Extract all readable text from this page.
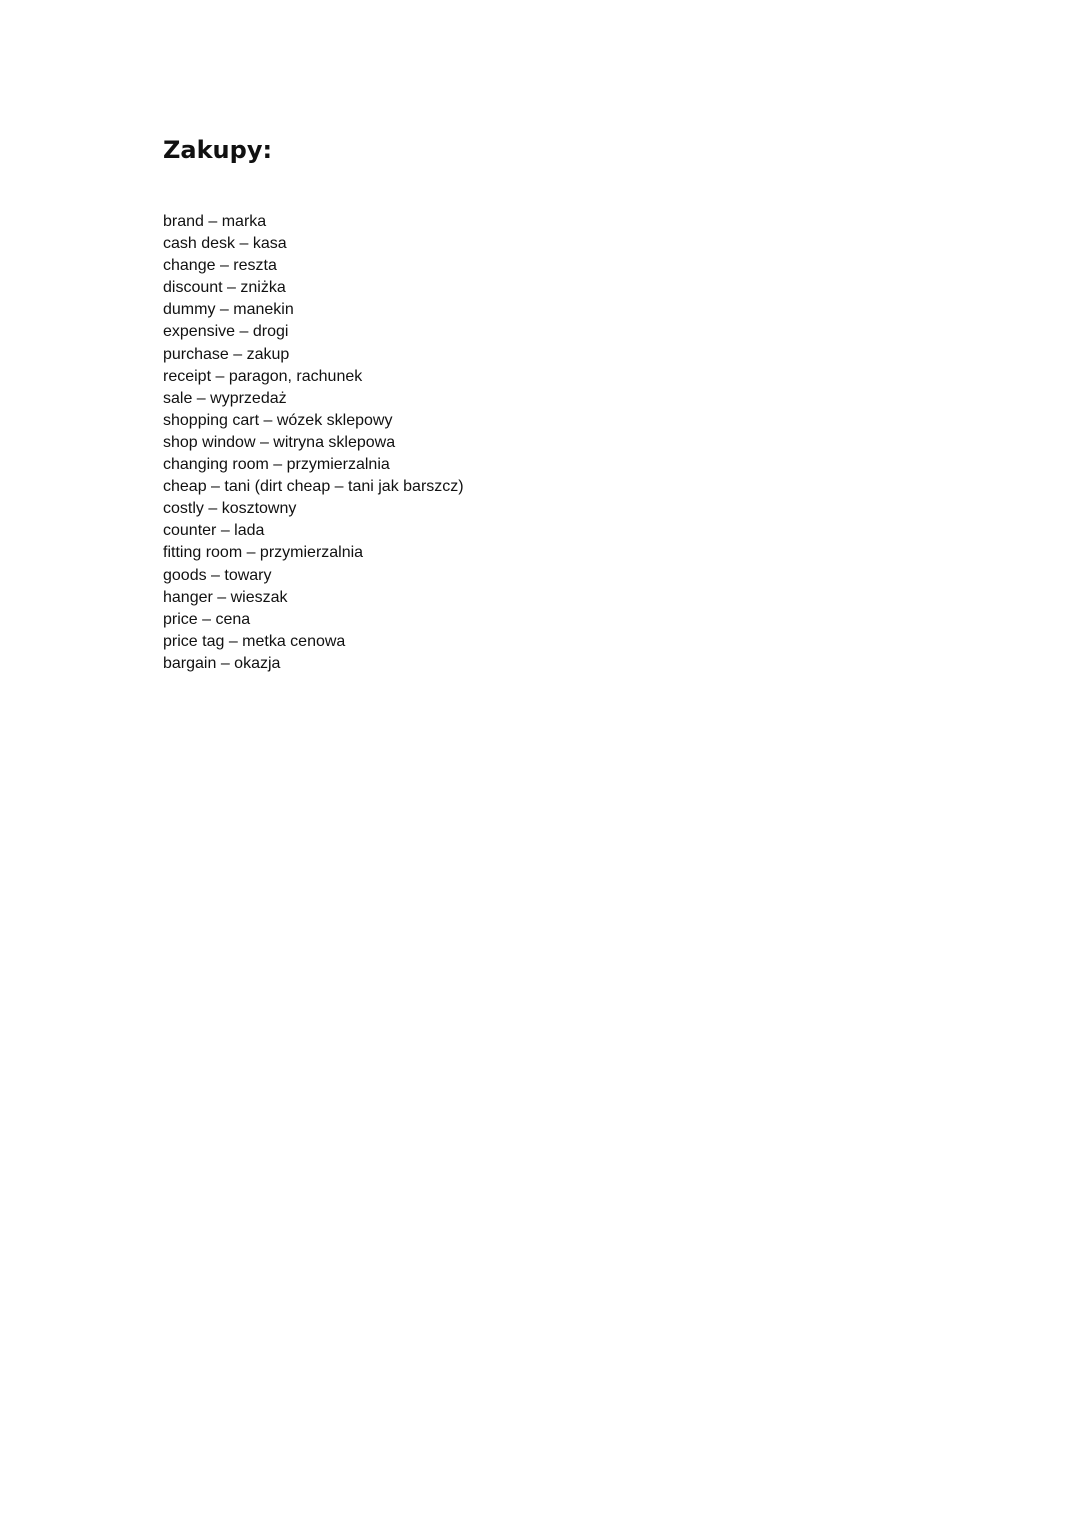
Zakupy:
brand – marka
cash desk – kasa
change – reszta
discount – zniżka
dummy – manekin
expensive – drogi
purchase – zakup
receipt – paragon, rachunek
sale – wyprzedaż
shopping cart – wózek sklepowy
shop window – witryna sklepowa
changing room – przymierzalnia
cheap – tani (dirt cheap – tani jak barszcz)
costly – kosztowny
counter – lada
fitting room – przymierzalnia
goods – towary
hanger – wieszak
price – cena
price tag – metka cenowa
bargain – okazja
